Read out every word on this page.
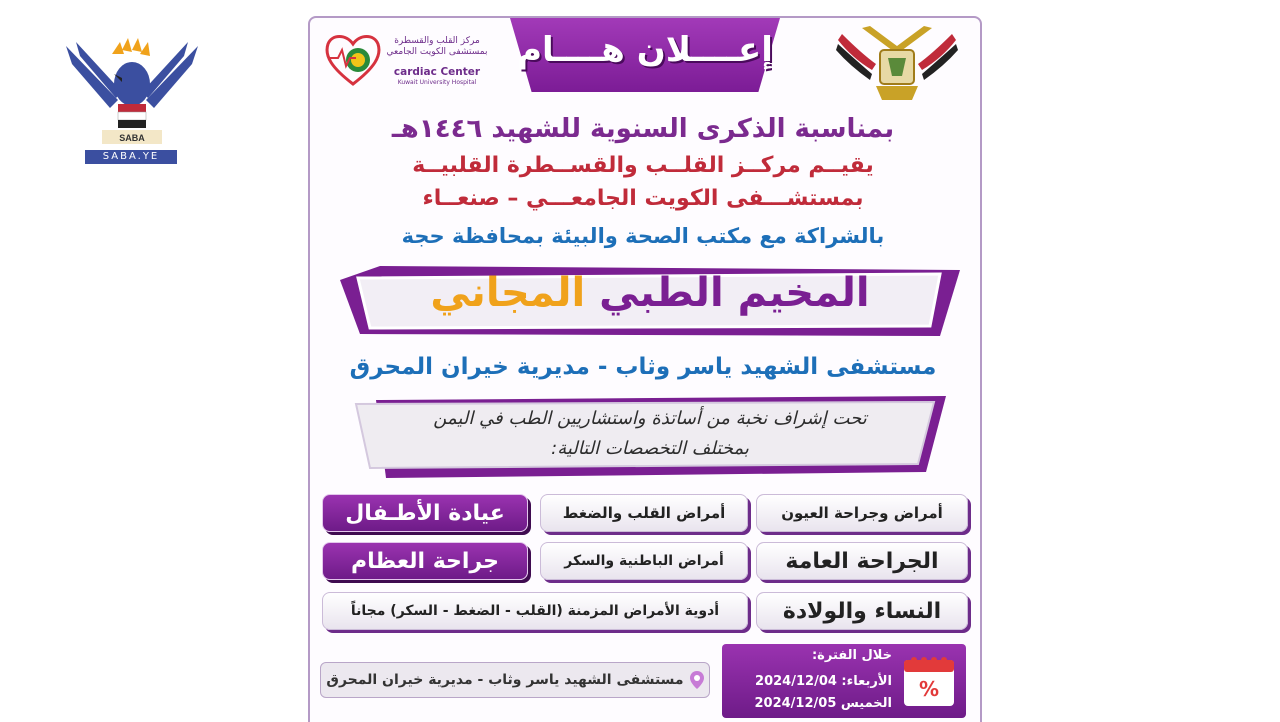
SABA
SABA.YE
مركز القلب والقسطرة
بمستشفى الكويت الجامعي
cardiac Center
Kuwait University Hospital
إعــــلان هــــام
بمناسبة الذكرى السنوية للشهيد ١٤٤٦هـ
يقيــم مركــز القلــب والقســطرة القلبيــة
بمستشـــفى الكويت الجامعـــي – صنعــاء
بالشراكة مع مكتب الصحة والبيئة بمحافظة حجة
المخيم الطبي المجاني
مستشفى الشهيد ياسر وثاب - مديرية خيران المحرق
تحت إشراف نخبة من أساتذة واستشاريين الطب في اليمن
بمختلف التخصصات التالية:
أمراض وجراحة العيون
أمراض القلب والضغط
عيادة الأطـفال
الجراحة العامة
أمراض الباطنية والسكر
جراحة العظام
النساء والولادة
أدوية الأمراض المزمنة (القلب - الضغط - السكر) مجاناً
مستشفى الشهيد ياسر وثاب - مديرية خيران المحرق	%
خلال الفترة:
الأربعاء: 2024/12/04
الخميس 2024/12/05
